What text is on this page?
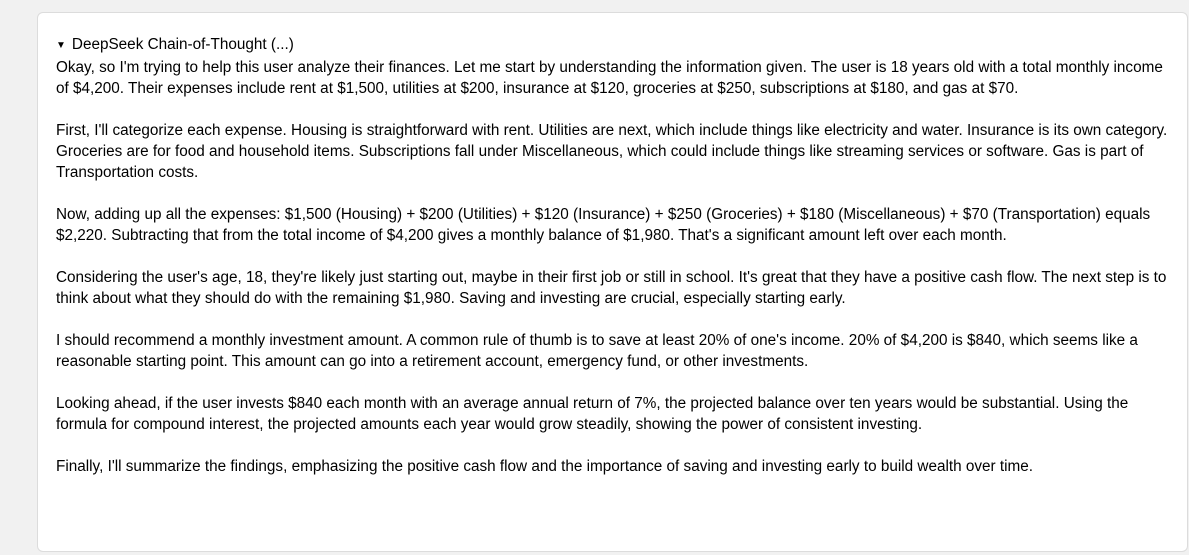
▼ DeepSeek Chain-of-Thought (...)

Okay, so I'm trying to help this user analyze their finances. Let me start by understanding the information given. The user is 18 years old with a total monthly income of $4,200. Their expenses include rent at $1,500, utilities at $200, insurance at $120, groceries at $250, subscriptions at $180, and gas at $70.

First, I'll categorize each expense. Housing is straightforward with rent. Utilities are next, which include things like electricity and water. Insurance is its own category. Groceries are for food and household items. Subscriptions fall under Miscellaneous, which could include things like streaming services or software. Gas is part of Transportation costs.

Now, adding up all the expenses: $1,500 (Housing) + $200 (Utilities) + $120 (Insurance) + $250 (Groceries) + $180 (Miscellaneous) + $70 (Transportation) equals $2,220. Subtracting that from the total income of $4,200 gives a monthly balance of $1,980. That's a significant amount left over each month.

Considering the user's age, 18, they're likely just starting out, maybe in their first job or still in school. It's great that they have a positive cash flow. The next step is to think about what they should do with the remaining $1,980. Saving and investing are crucial, especially starting early.

I should recommend a monthly investment amount. A common rule of thumb is to save at least 20% of one's income. 20% of $4,200 is $840, which seems like a reasonable starting point. This amount can go into a retirement account, emergency fund, or other investments.

Looking ahead, if the user invests $840 each month with an average annual return of 7%, the projected balance over ten years would be substantial. Using the formula for compound interest, the projected amounts each year would grow steadily, showing the power of consistent investing.

Finally, I'll summarize the findings, emphasizing the positive cash flow and the importance of saving and investing early to build wealth over time.
